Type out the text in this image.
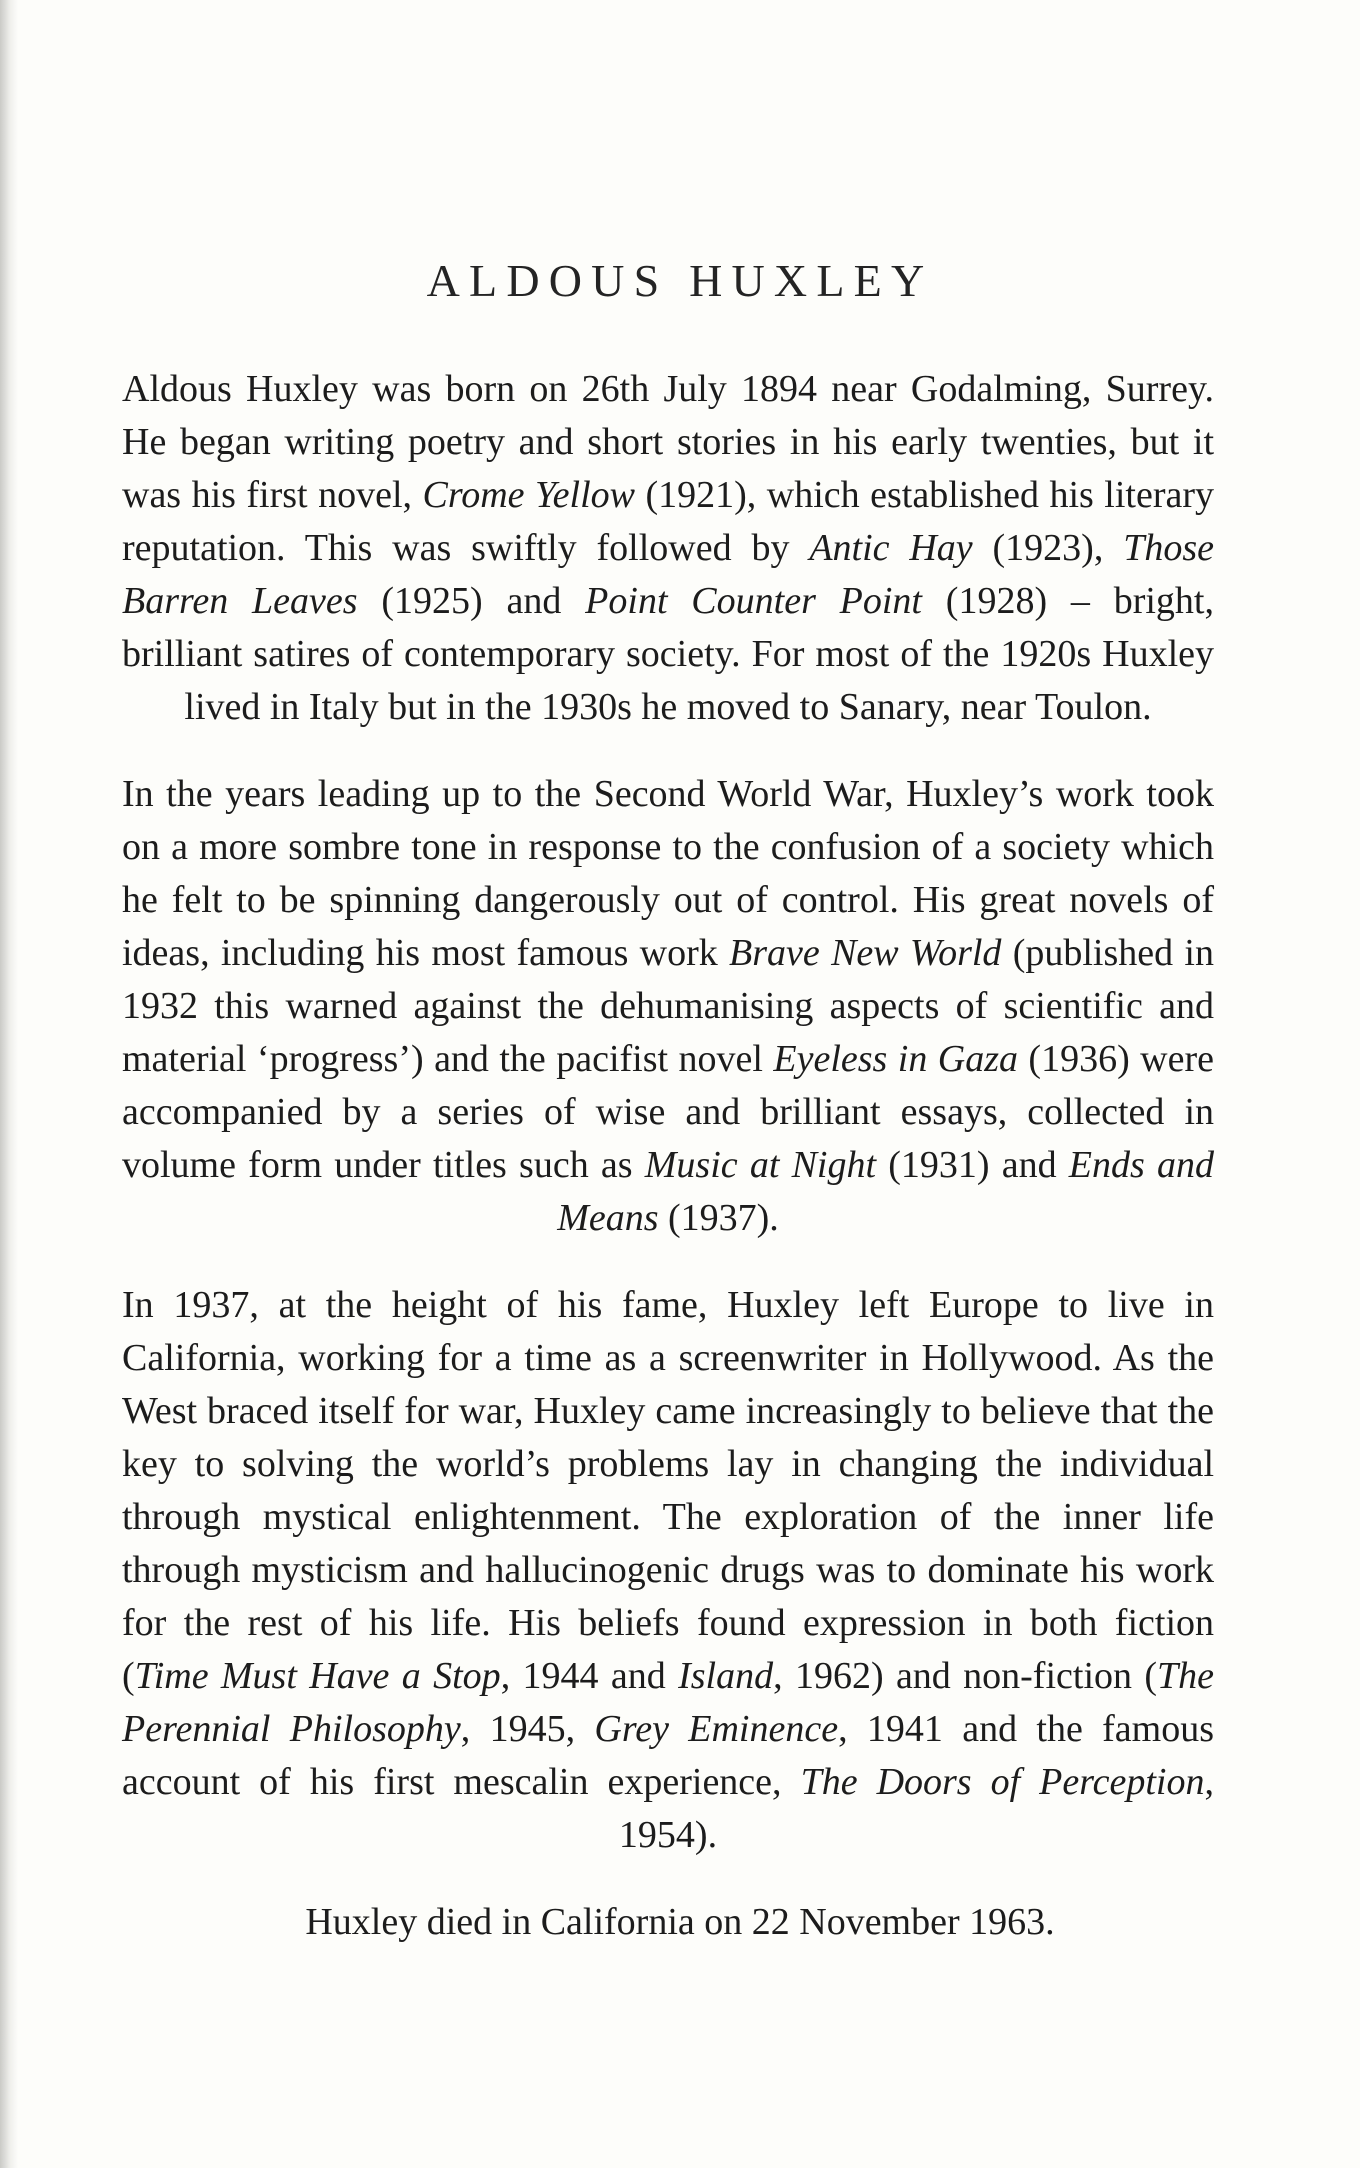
ALDOUS HUXLEY

Aldous Huxley was born on 26th July 1894 near Godalming, Surrey. He began writing poetry and short stories in his early twenties, but it was his first novel, Crome Yellow (1921), which established his literary reputation. This was swiftly followed by Antic Hay (1923), Those Barren Leaves (1925) and Point Counter Point (1928) – bright, brilliant satires of contemporary society. For most of the 1920s Huxley lived in Italy but in the 1930s he moved to Sanary, near Toulon.

In the years leading up to the Second World War, Huxley’s work took on a more sombre tone in response to the confusion of a society which he felt to be spinning dangerously out of control. His great novels of ideas, including his most famous work Brave New World (published in 1932 this warned against the dehumanising aspects of scientific and material ‘progress’) and the pacifist novel Eyeless in Gaza (1936) were accompanied by a series of wise and brilliant essays, collected in volume form under titles such as Music at Night (1931) and Ends and Means (1937).

In 1937, at the height of his fame, Huxley left Europe to live in California, working for a time as a screenwriter in Hollywood. As the West braced itself for war, Huxley came increasingly to believe that the key to solving the world’s problems lay in changing the individual through mystical enlightenment. The exploration of the inner life through mysticism and hallucinogenic drugs was to dominate his work for the rest of his life. His beliefs found expression in both fiction (Time Must Have a Stop, 1944 and Island, 1962) and non-fiction (The Perennial Philosophy, 1945, Grey Eminence, 1941 and the famous account of his first mescalin experience, The Doors of Perception, 1954).

Huxley died in California on 22 November 1963.
